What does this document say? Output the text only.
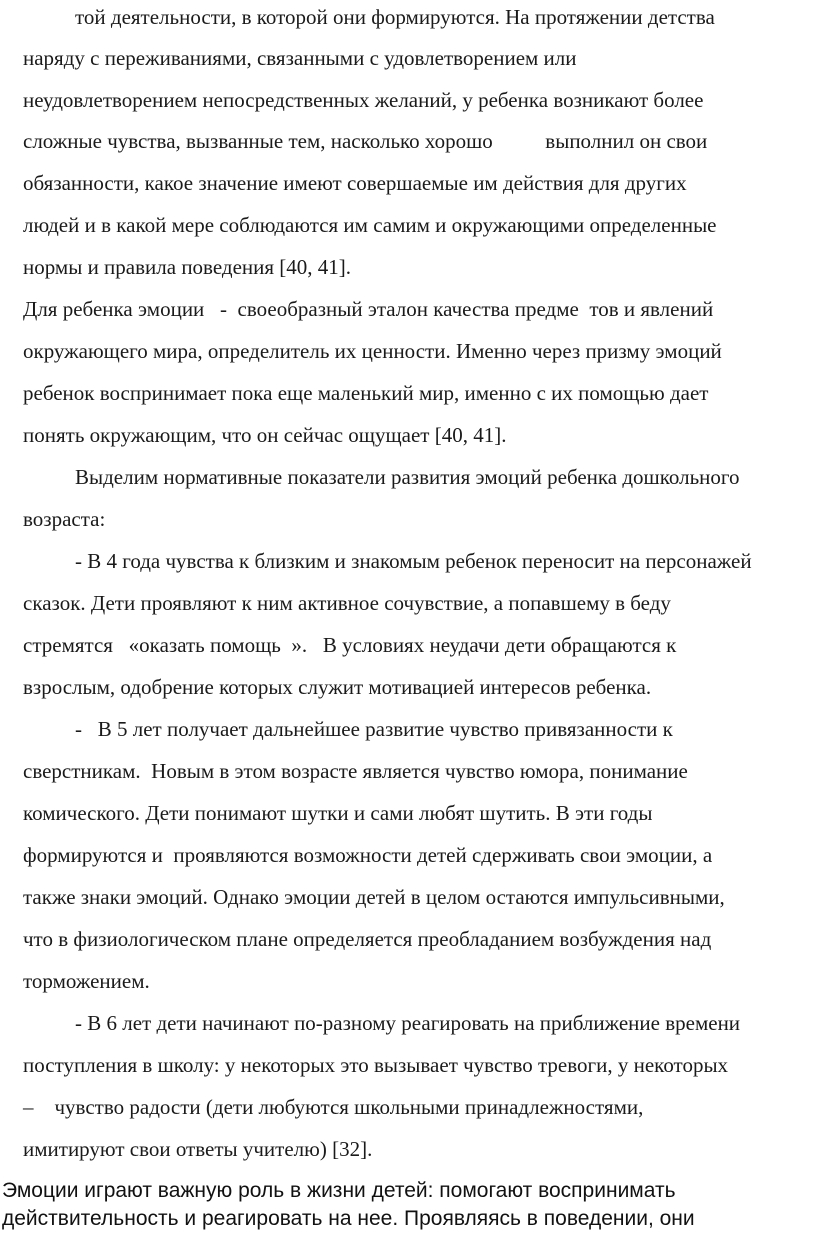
той деятельности, в которой они формируются. На протяжении детства
наряду с переживаниями, связанными с удовлетворением или
неудовлетворением непосредственных желаний, у ребенка возникают более
сложные чувства, вызванные тем, насколько хорошо          выполнил он свои
обязанности, какое значение имеют совершаемые им действия для других
людей и в какой мере соблюдаются им самим и окружающими определенные
нормы и правила поведения [40, 41].
Для ребенка эмоции   -  своеобразный эталон качества предме  тов и явлений
окружающего мира, определитель их ценности. Именно через призму эмоций
ребенок воспринимает пока еще маленький мир, именно с их помощью дает
понять окружающим, что он сейчас ощущает [40, 41].
Выделим нормативные показатели развития эмоций ребенка дошкольного
возраста:
- В 4 года чувства к близким и знакомым ребенок переносит на персонажей
сказок. Дети проявляют к ним активное сочувствие, а попавшему в беду
стремятся   «оказать помощь  ».   В условиях неудачи дети обращаются к
взрослым, одобрение которых служит мотивацией интересов ребенка.
-   В 5 лет получает дальнейшее развитие чувство привязанности к
сверстникам.  Новым в этом возрасте является чувство юмора, понимание
комического. Дети понимают шутки и сами любят шутить. В эти годы
формируются и  проявляются возможности детей сдерживать свои эмоции, а
также знаки эмоций. Однако эмоции детей в целом остаются импульсивными,
что в физиологическом плане определяется преобладанием возбуждения над
торможением.
- В 6 лет дети начинают по-разному реагировать на приближение времени
поступления в школу: у некоторых это вызывает чувство тревоги, у некоторых
–    чувство радости (дети любуются школьными принадлежностями,
имитируют свои ответы учителю) [32].
Эмоции играют важную роль в жизни детей: помогают воспринимать
действительность и реагировать на нее. Проявляясь в поведении, они
